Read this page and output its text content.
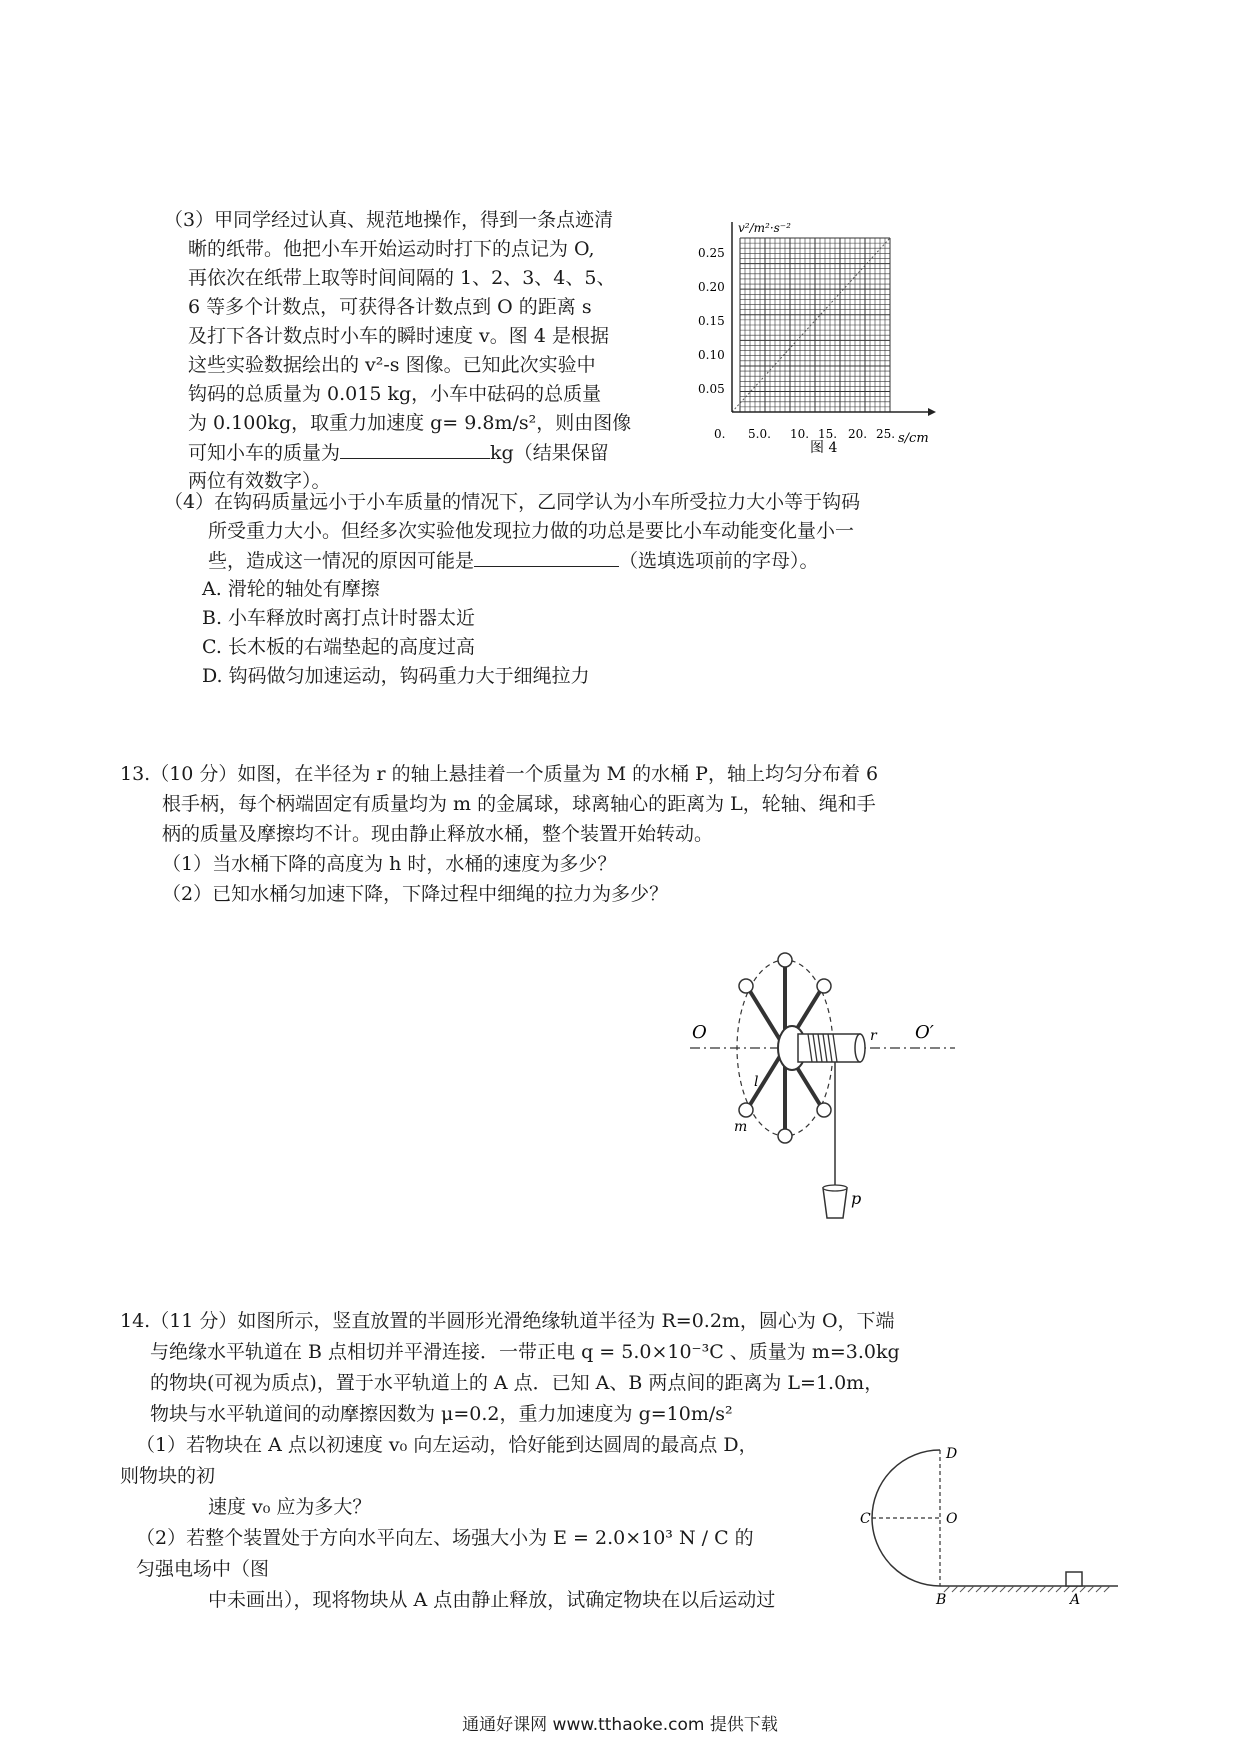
（3）甲同学经过认真、规范地操作，得到一条点迹清
晰的纸带。他把小车开始运动时打下的点记为 O,
再依次在纸带上取等时间间隔的 1、2、3、4、5、
6 等多个计数点，可获得各计数点到 O 的距离 s
及打下各计数点时小车的瞬时速度 v。图 4 是根据
这些实验数据绘出的 v²-s 图像。已知此次实验中
钩码的总质量为 0.015 kg，小车中砝码的总质量
为 0.100kg，取重力加速度 g= 9.8m/s²，则由图像
可知小车的质量为	kg（结果保留
两位有效数字）。
v²/m²·s⁻²
s/cm
图 4
0.25
0.20
0.15
0.10
0.05
0. 5.0. 10. 15. 20. 25.
（4）在钩码质量远小于小车质量的情况下，乙同学认为小车所受拉力大小等于钩码
所受重力大小。但经多次实验他发现拉力做的功总是要比小车动能变化量小一
些，造成这一情况的原因可能是	（选填选项前的字母）。
A. 滑轮的轴处有摩擦
B. 小车释放时离打点计时器太近
C. 长木板的右端垫起的高度过高
D. 钩码做匀加速运动，钩码重力大于细绳拉力
13.（10 分）如图，在半径为 r 的轴上悬挂着一个质量为 M 的水桶 P，轴上均匀分布着 6
根手柄，每个柄端固定有质量均为 m 的金属球，球离轴心的距离为 L，轮轴、绳和手
柄的质量及摩擦均不计。现由静止释放水桶，整个装置开始转动。
（1）当水桶下降的高度为 h 时，水桶的速度为多少？
（2）已知水桶匀加速下降，下降过程中细绳的拉力为多少？
O	O′
r
l
m
p
14.（11 分）如图所示，竖直放置的半圆形光滑绝缘轨道半径为 R=0.2m，圆心为 O，下端
与绝缘水平轨道在 B 点相切并平滑连接．一带正电 q = 5.0×10⁻³C 、质量为 m=3.0kg
的物块(可视为质点)，置于水平轨道上的 A 点．已知 A、B 两点间的距离为 L=1.0m，
物块与水平轨道间的动摩擦因数为 μ=0.2，重力加速度为 g=10m/s²
（1）若物块在 A 点以初速度 v₀ 向左运动，恰好能到达圆周的最高点 D，
则物块的初
速度 v₀ 应为多大？
（2）若整个装置处于方向水平向左、场强大小为 E = 2.0×10³ N / C 的
匀强电场中（图
中未画出），现将物块从 A 点由静止释放，试确定物块在以后运动过
D
C	O
B	A
通通好课网 www.tthaoke.com 提供下载
